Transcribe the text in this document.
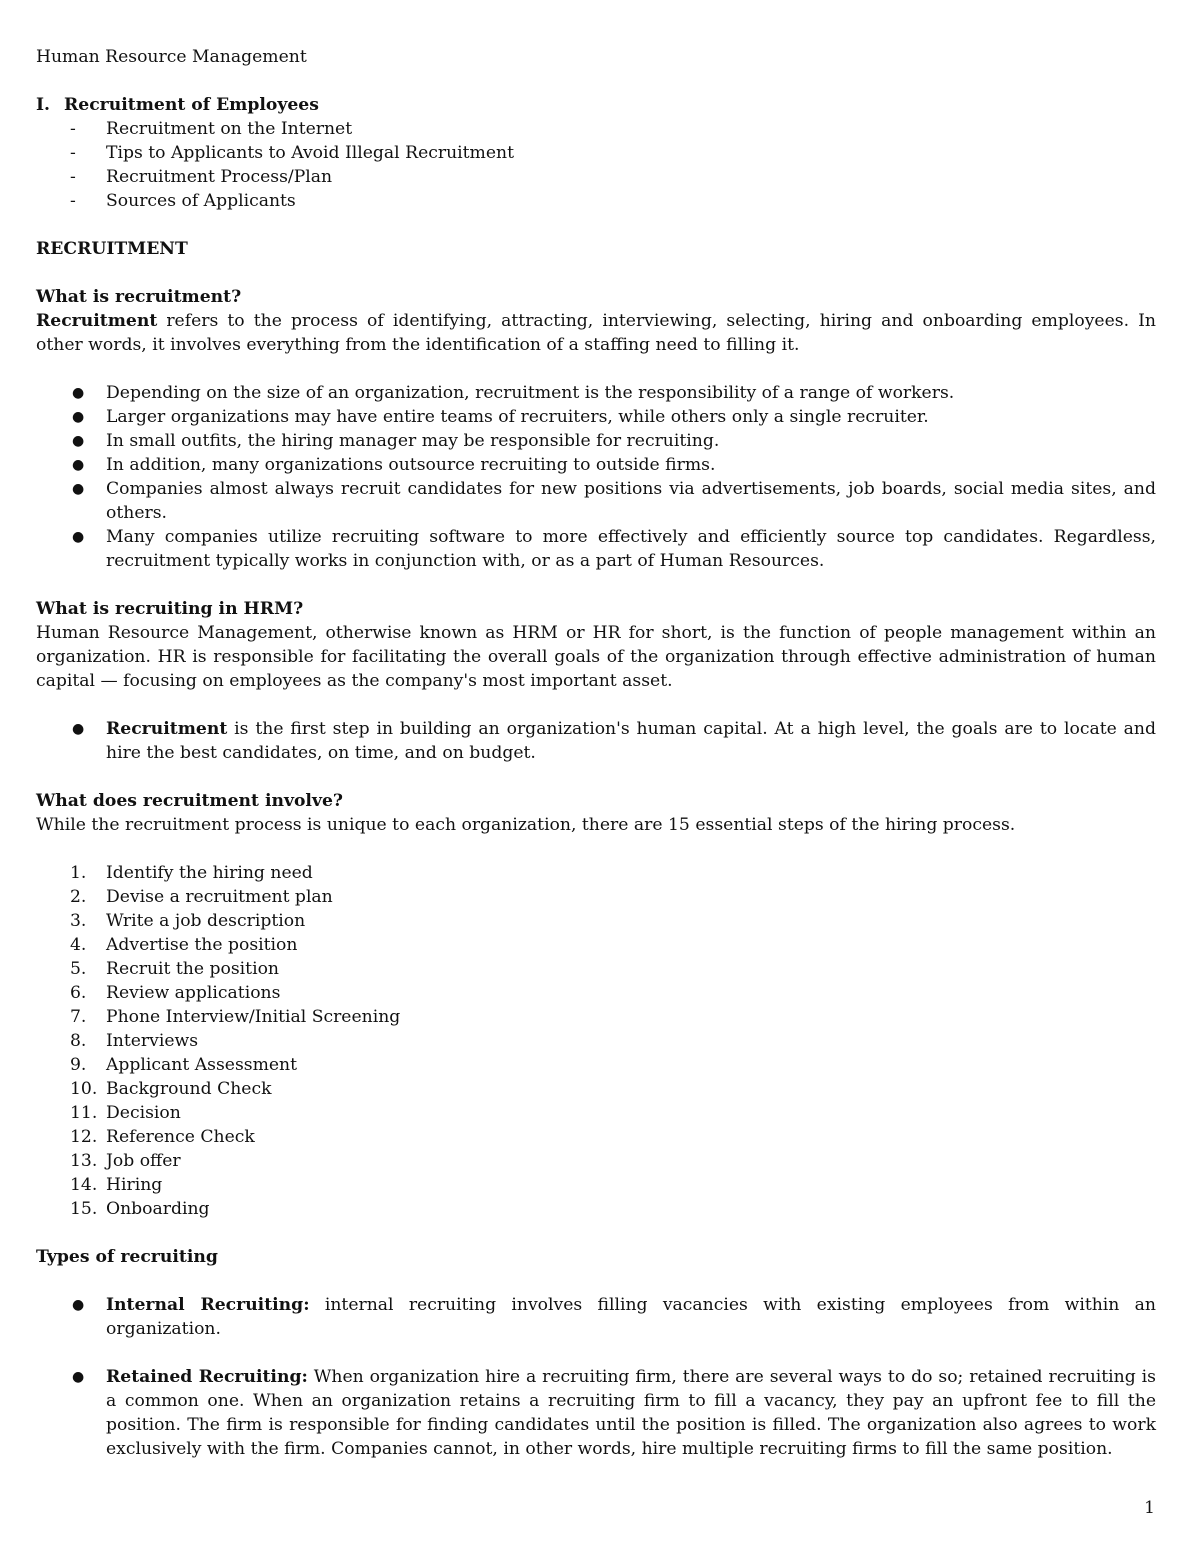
Human Resource Management

I. Recruitment of Employees
- Recruitment on the Internet
- Tips to Applicants to Avoid Illegal Recruitment
- Recruitment Process/Plan
- Sources of Applicants

RECRUITMENT

What is recruitment?

Recruitment refers to the process of identifying, attracting, interviewing, selecting, hiring and onboarding employees. In other words, it involves everything from the identification of a staffing need to filling it.

● Depending on the size of an organization, recruitment is the responsibility of a range of workers.
● Larger organizations may have entire teams of recruiters, while others only a single recruiter.
● In small outfits, the hiring manager may be responsible for recruiting.
● In addition, many organizations outsource recruiting to outside firms.
● Companies almost always recruit candidates for new positions via advertisements, job boards, social media sites, and others.
● Many companies utilize recruiting software to more effectively and efficiently source top candidates. Regardless, recruitment typically works in conjunction with, or as a part of Human Resources.

What is recruiting in HRM?

Human Resource Management, otherwise known as HRM or HR for short, is the function of people management within an organization. HR is responsible for facilitating the overall goals of the organization through effective administration of human capital — focusing on employees as the company's most important asset.

● Recruitment is the first step in building an organization's human capital. At a high level, the goals are to locate and hire the best candidates, on time, and on budget.

What does recruitment involve?

While the recruitment process is unique to each organization, there are 15 essential steps of the hiring process.

1. Identify the hiring need
2. Devise a recruitment plan
3. Write a job description
4. Advertise the position
5. Recruit the position
6. Review applications
7. Phone Interview/Initial Screening
8. Interviews
9. Applicant Assessment
10. Background Check
11. Decision
12. Reference Check
13. Job offer
14. Hiring
15. Onboarding

Types of recruiting

● Internal Recruiting: internal recruiting involves filling vacancies with existing employees from within an organization.
● Retained Recruiting: When organization hire a recruiting firm, there are several ways to do so; retained recruiting is a common one. When an organization retains a recruiting firm to fill a vacancy, they pay an upfront fee to fill the position. The firm is responsible for finding candidates until the position is filled. The organization also agrees to work exclusively with the firm. Companies cannot, in other words, hire multiple recruiting firms to fill the same position.
1
